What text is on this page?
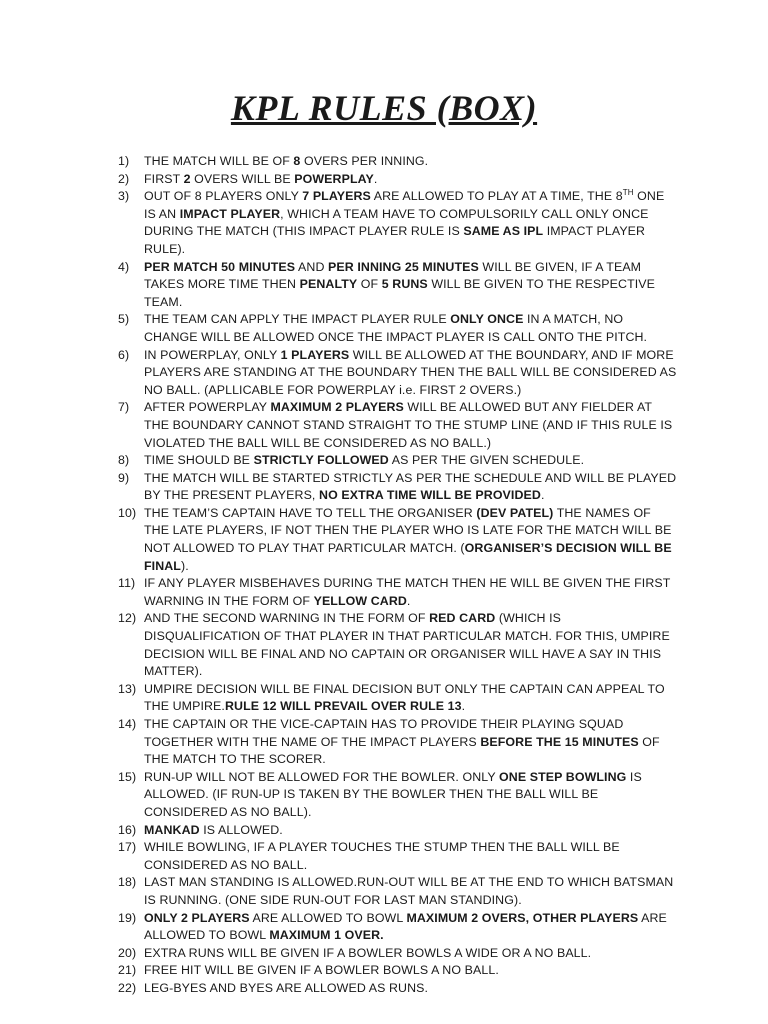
KPL RULES (BOX)
1) THE MATCH WILL BE OF 8 OVERS PER INNING.
2) FIRST 2 OVERS WILL BE POWERPLAY.
3) OUT OF 8 PLAYERS ONLY 7 PLAYERS ARE ALLOWED TO PLAY AT A TIME, THE 8TH ONE IS AN IMPACT PLAYER, WHICH A TEAM HAVE TO COMPULSORILY CALL ONLY ONCE DURING THE MATCH (THIS IMPACT PLAYER RULE IS SAME AS IPL IMPACT PLAYER RULE).
4) PER MATCH 50 MINUTES AND PER INNING 25 MINUTES WILL BE GIVEN, IF A TEAM TAKES MORE TIME THEN PENALTY OF 5 RUNS WILL BE GIVEN TO THE RESPECTIVE TEAM.
5) THE TEAM CAN APPLY THE IMPACT PLAYER RULE ONLY ONCE IN A MATCH, NO CHANGE WILL BE ALLOWED ONCE THE IMPACT PLAYER IS CALL ONTO THE PITCH.
6) IN POWERPLAY, ONLY 1 PLAYERS WILL BE ALLOWED AT THE BOUNDARY, AND IF MORE PLAYERS ARE STANDING AT THE BOUNDARY THEN THE BALL WILL BE CONSIDERED AS NO BALL. (APLLICABLE FOR POWERPLAY i.e. FIRST 2 OVERS.)
7) AFTER POWERPLAY MAXIMUM 2 PLAYERS WILL BE ALLOWED BUT ANY FIELDER AT THE BOUNDARY CANNOT STAND STRAIGHT TO THE STUMP LINE (AND IF THIS RULE IS VIOLATED THE BALL WILL BE CONSIDERED AS NO BALL.)
8) TIME SHOULD BE STRICTLY FOLLOWED AS PER THE GIVEN SCHEDULE.
9) THE MATCH WILL BE STARTED STRICTLY AS PER THE SCHEDULE AND WILL BE PLAYED BY THE PRESENT PLAYERS, NO EXTRA TIME WILL BE PROVIDED.
10) THE TEAM’S CAPTAIN HAVE TO TELL THE ORGANISER (DEV PATEL) THE NAMES OF THE LATE PLAYERS, IF NOT THEN THE PLAYER WHO IS LATE FOR THE MATCH WILL BE NOT ALLOWED TO PLAY THAT PARTICULAR MATCH. (ORGANISER’S DECISION WILL BE FINAL).
11) IF ANY PLAYER MISBEHAVES DURING THE MATCH THEN HE WILL BE GIVEN THE FIRST WARNING IN THE FORM OF YELLOW CARD.
12) AND THE SECOND WARNING IN THE FORM OF RED CARD (WHICH IS DISQUALIFICATION OF THAT PLAYER IN THAT PARTICULAR MATCH. FOR THIS, UMPIRE DECISION WILL BE FINAL AND NO CAPTAIN OR ORGANISER WILL HAVE A SAY IN THIS MATTER).
13) UMPIRE DECISION WILL BE FINAL DECISION BUT ONLY THE CAPTAIN CAN APPEAL TO THE UMPIRE.RULE 12 WILL PREVAIL OVER RULE 13.
14) THE CAPTAIN OR THE VICE-CAPTAIN HAS TO PROVIDE THEIR PLAYING SQUAD TOGETHER WITH THE NAME OF THE IMPACT PLAYERS BEFORE THE 15 MINUTES OF THE MATCH TO THE SCORER.
15) RUN-UP WILL NOT BE ALLOWED FOR THE BOWLER. ONLY ONE STEP BOWLING IS ALLOWED. (IF RUN-UP IS TAKEN BY THE BOWLER THEN THE BALL WILL BE CONSIDERED AS NO BALL).
16) MANKAD IS ALLOWED.
17) WHILE BOWLING, IF A PLAYER TOUCHES THE STUMP THEN THE BALL WILL BE CONSIDERED AS NO BALL.
18) LAST MAN STANDING IS ALLOWED.RUN-OUT WILL BE AT THE END TO WHICH BATSMAN IS RUNNING. (ONE SIDE RUN-OUT FOR LAST MAN STANDING).
19) ONLY 2 PLAYERS ARE ALLOWED TO BOWL MAXIMUM 2 OVERS, OTHER PLAYERS ARE ALLOWED TO BOWL MAXIMUM 1 OVER.
20) EXTRA RUNS WILL BE GIVEN IF A BOWLER BOWLS A WIDE OR A NO BALL.
21) FREE HIT WILL BE GIVEN IF A BOWLER BOWLS A NO BALL.
22) LEG-BYES AND BYES ARE ALLOWED AS RUNS.
